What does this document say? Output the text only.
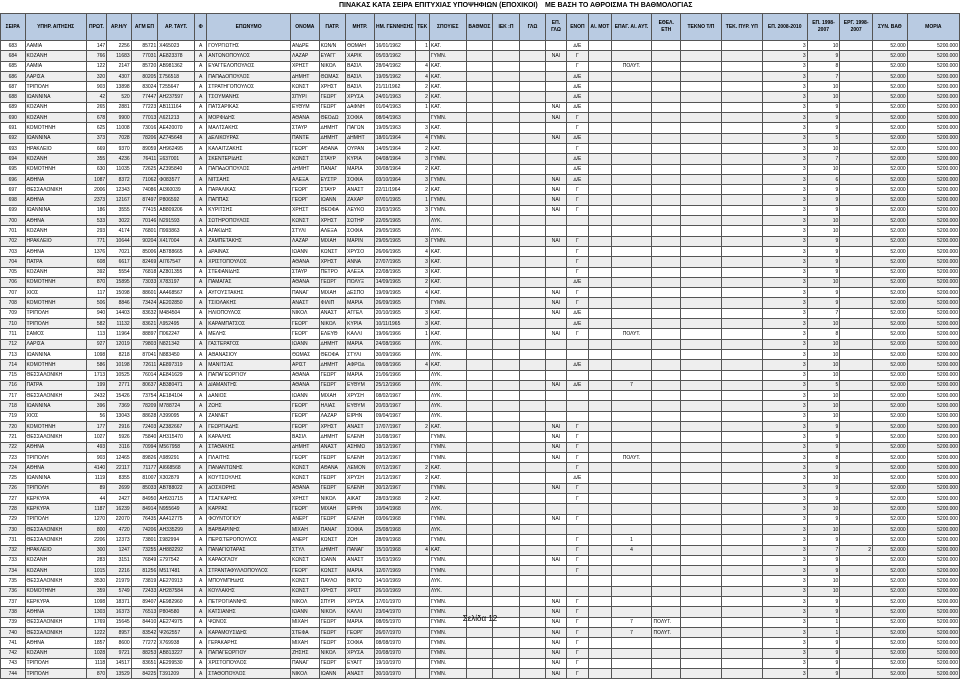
ΠΙΝΑΚΑΣ ΚΑΤΑ ΣΕΙΡΑ ΕΠΙΤΥΧΙΑΣ ΥΠΟΨΗΦΙΩΝ (ΕΠΟΧΙΚΟΙ) ΜΕ ΒΑΣΗ ΤΟ ΑΘΡΟΙΣΜΑ ΤΗ ΒΑΘΜΟΛΟΓΙΑΣ
ΣΕΙΡΑ	ΥΠΗΡ. ΑΙΤΗΣΗΣ	ΠΡΩΤ.	ΑΡ.Η/Υ	ΑΓΜ ΕΠ	ΑΡ. ΤΑΥΤ.	Φ	ΕΠΩΝΥΜΟ	ΟΝΟΜΑ	ΠΑΤΡ.	ΜΗΤΡ.	ΗΜ. ΓΕΝΝΗΣΗΣ	ΤΕΚ	ΣΠΟΥ\ΕΣ	ΒΑΘΜΟΣ	ΙΕΚ :Π	ΓΛΩ	ΕΠ. ΓΛΩ	ΕΝΟΠ	Α\. ΜΟΤ	ΕΠΑΓ. Α\. ΑΥΤ.	ΕΘΕΛ. ΕΤΗ	ΤΕΚΝΟ Τ/Π	ΤΕΚ. ΠΥΡ. ΥΠ	ΕΠ. 2008-2010	ΕΠ. 1998-2007	ΕΡΓ. 1998-2007	ΣΥΝ. ΒΑΘ	ΜΟΡΙΑ
683	ΛΑΜΙΑ	147	2256	85721	Χ465023	Α	ΓΟΥΡΓΙΩΤΗΣ	ΑΝ∆ΡΕ	ΚΩΝ/Ν	ΘΩΜΑΗ	16/01/1962	1	ΚΑΤ.					∆/Ε						3	10		52.000	5200.000
684	ΚΟΖΑΝΗ	766	11683	77031	ΑΕ823378	Α	ΑΝΤΩΝΟΠΟΥΛΟΣ	ΛΑΖΑΡ	ΕΥΑΓΓ	ΧΑΡΙΚ	05/03/1962		ΓΥΜΝ.				ΝΑΙ	Γ						3	9		52.000	5200.000
685	ΛΑΜΙΑ	122	2147	85720	ΑΒ981362	Α	ΕΥΑΓΓΕΛΟΠΟΥΛΟΣ	ΧΡΗΣΤ	ΝΙΚΟΛ	ΒΑΣΙΛ	28/04/1962	4	ΚΑΤ.					Γ		ΠΟΛΥΤ.				3	8		52.000	5200.000
686	ΛΑΡΙΣΑ	320	4307	80205	Σ756518	Α	ΠΑΠΑ∆ΟΠΟΥΛΟΣ	∆ΗΜΗΤ	ΘΩΜΑΣ	ΒΑΣΙΛ	19/05/1962	4	ΚΑΤ.					∆/Ε						3	7		52.000	5200.000
687	ΤΡΙΠΟΛΗ	903	13898	83024	Τ255647	Α	ΣΤΡΑΤΗΓΟΠΟΥΛΟΣ	ΚΩΝΣΤ	ΧΡΗΣΤ	ΒΑΣΙΛ	21/11/1962	2	ΚΑΤ.					∆/Ε						3	10		52.000	5200.000
688	ΙΩΑΝΝΙΝΑ	42	520	77447	ΑΗ237597	Α	ΤΣΟΥΜΑΝΗΣ	ΣΠΥΡΙ	ΓΕΩΡΓ	ΧΡΥΣΑ	24/01/1963	2	ΚΑΤ.					∆/Ε						3	10		52.000	5200.000
689	ΚΟΖΑΝΗ	265	2881	77223	ΑΒ111164	Α	ΠΑΤΣΑΡΙΚΑΣ	ΕΥΘΥΜ	ΓΕΩΡΓ	∆ΑΦΝΗ	01/04/1963	1	ΚΑΤ.				ΝΑΙ	∆/Ε						3	9		52.000	5200.000
690	ΚΟΖΑΝΗ	678	9900	77013	Λ621213	Α	ΜΟΡΦΙ∆ΗΣ	ΑΘΑΝΑ	ΘΕΟ∆Ω	ΣΟΦΙΑ	08/04/1963		ΓΥΜΝ.				ΝΑΙ	Γ						3	9		52.000	5200.000
691	ΚΟΜΟΤΗΝΗ	625	11008	73016	ΑΕ420070	Α	ΜΑΛΤΣΑΚΗΣ	ΣΤΑΥΡ	∆ΗΜΗΤ	ΠΑΓΩΝ	19/05/1963	3	ΚΑΤ.					Γ						3	9		52.000	5200.000
692	ΙΩΑΝΝΙΝΑ	373	7028	78206	ΑΖ745648	Α	∆ΕΛΙΚΟΥΡΑΣ	ΠΑΝΤΕ	∆ΗΜΗΤ	∆ΗΜΗΤ	18/01/1964	4	ΓΥΜΝ.				ΝΑΙ	∆/Ε						3	5		52.000	5200.000
693	ΗΡΑΚΛΕΙΟ	669	9370	89059	ΑΗ962495	Α	ΚΑΛΑΙΤΖΑΚΗΣ	ΓΕΩΡΓ	ΑΘΑΝΑ	ΟΥΡΑΝ	14/05/1964	2	ΚΑΤ.					Γ						3	10		52.000	5200.000
694	ΚΟΖΑΝΗ	355	4236	76411	Ξ637001	Α	ΣΚΕΝΤΕΡΙ∆ΗΣ	ΚΩΝΣΤ	ΣΤΑΥΡ	ΚΥΡΙΑ	04/08/1964	3	ΓΥΜΝ.					∆/Ε						3	7		52.000	5200.000
695	ΚΟΜΟΤΗΝΗ	630	11035	72625	ΑΖ395840	Α	ΠΑΠΑ∆ΟΠΟΥΛΟΣ	∆ΗΜΗΤ	ΠΑΝΑΓ	ΜΑΡΙΑ	30/08/1964	2	ΚΑΤ.					∆/Ε						3	10		52.000	5200.000
696	ΑΘΗΝΑ	1087	8372	71062	Φ083577	Α	ΝΙΤΣΑΗΣ	ΑΛΕΞΑ	ΕΥΣΤΡ	ΣΟΦΙΑ	03/10/1964	3	ΓΥΜΝ.				ΝΑΙ	∆/Ε						3	6		52.000	5200.000
697	ΘΕΣΣΑΛΟΝΙΚΗ	2006	12343	74086	ΑΙ360039	Α	ΠΑΡΑΛΙΚΑΣ	ΓΕΩΡΓ	ΣΤΑΥΡ	ΑΝΑΣΤ	22/11/1964	2	ΚΑΤ.				ΝΑΙ	Γ						3	9		52.000	5200.000
698	ΑΘΗΝΑ	2373	12167	87497	Ρ806592	Α	ΠΑΠΠΑΣ	ΓΕΩΡΓ	ΙΩΑΝΝ	ΖΑΧΑΡ	07/01/1965	1	ΓΥΜΝ.				ΝΑΙ	Γ						3	9		52.000	5200.000
699	ΙΩΑΝΝΙΝΑ	186	3555	77415	ΑΒ809206	Α	ΚΥΡΙΤΣΗΣ	ΧΡΗΣΤ	ΘΕΟΦΑ	ΛΕΥΚΟ	23/03/1965	3	ΓΥΜΝ.				ΝΑΙ	Γ						3	9		52.000	5200.000
700	ΑΘΗΝΑ	533	3022	70146	Ν291593	Α	ΣΩΤΗΡΟΠΟΥΛΟΣ	ΚΩΝΣΤ	ΧΡΗΣΤ	ΣΩΤΗΡ	22/05/1965		ΛΥΚ.											3	10		52.000	5200.000
701	ΚΟΖΑΝΗ	293	4174	76801	Π993863	Α	ΑΓΑΚΙ∆ΗΣ	ΣΤΥΛΙ	ΑΛΕΞΑ	ΣΟΦΙΑ	29/05/1965		ΛΥΚ.											3	10		52.000	5200.000
702	ΗΡΑΚΛΕΙΟ	771	10644	90204	Χ417004	Α	ΖΑΜΠΕΤΑΚΗΣ	ΛΑΖΑΡ	ΜΙΧΑΗ	ΜΑΡΙΝ	29/05/1965	3	ΓΥΜΝ.				ΝΑΙ	Γ						3	9		52.000	5200.000
703	ΑΘΗΝΑ	1376	7021	85006	ΑΒ788665	Α	∆ΡΑΙΝΑΣ	ΙΩΑΝΝ	ΚΩΝΣΤ	ΧΡΥΣΟ	26/06/1965	4	ΚΑΤ.					Γ						3	9		52.000	5200.000
704	ΠΑΤΡΑ	608	6617	82469	ΑΙ767547	Α	ΧΡΙΣΤΟΠΟΥΛΟΣ	ΑΘΑΝΑ	ΧΡΗΣΤ	ΑΝΝΑ	27/07/1965	3	ΚΑΤ.					Γ						3	9		52.000	5200.000
705	ΚΟΖΑΝΗ	392	5554	76818	ΑΖ801355	Α	ΣΤΕΦΑΝΙ∆ΗΣ	ΣΤΑΥΡ	ΠΕΤΡΟ	ΑΛΕΞΑ	22/08/1965	3	ΚΑΤ.					Γ						3	9		52.000	5200.000
706	ΚΟΜΟΤΗΝΗ	870	15895	73033	Χ783197	Α	ΠΑΜΑΓΑΣ	ΑΘΑΝΑ	ΓΕΩΡΓ	ΠΟΛΥΞ	14/09/1965	2	ΚΑΤ.					∆/Ε						3	10		52.000	5200.000
707	ΧΙΟΣ	117	15098	88601	ΑΑ468567	Α	ΑΥΓΟΥΣΤΑΚΗΣ	ΠΑΝΑΓ	ΜΙΧΑΗ	∆ΕΣΠΟ	19/09/1965	4	ΚΑΤ.				ΝΑΙ	Γ						3	9		52.000	5200.000
708	ΚΟΜΟΤΗΝΗ	506	8846	73424	ΑΕ202850	Α	ΤΣΙΟΛΑΚΗΣ	ΑΝΑΣΤ	ΦΙΛΙΠ	ΜΑΡΙΑ	26/09/1965		ΓΥΜΝ.				ΝΑΙ	Γ						3	9		52.000	5200.000
709	ΤΡΙΠΟΛΗ	940	14403	83632	Μ484504	Α	ΗΛΙΟΠΟΥΛΟΣ	ΝΙΚΟΛ	ΑΝΑΣΤ	ΑΓΓΕΛ	20/10/1965	3	ΚΑΤ.				ΝΑΙ	∆/Ε						3	7		52.000	5200.000
710	ΤΡΙΠΟΛΗ	582	11132	83621	Λ952495	Α	ΚΑΡΑΜΠΑΤΣΟΣ	ΓΕΩΡΓ	ΝΙΚΟΛ	ΚΥΡΙΑ	10/11/1965	3	ΚΑΤ.					∆/Ε						3	10		52.000	5200.000
711	ΣΑΜΟΣ	113	11964	88897	Π062247	Α	ΜΕΛΗΣ	ΓΕΩΡΓ	ΕΛΕΥΘ	ΚΑΛΛΙ	19/06/1966	1	ΚΑΤ.				ΝΑΙ	Γ		ΠΟΛΥΤ.				3	8		52.000	5200.000
712	ΛΑΡΙΣΑ	927	12019	79803	Ν821342	Α	ΓΑΣΤΕΡΑΤΟΣ	ΙΩΑΝΝ	∆ΗΜΗΤ	ΜΑΡΙΑ	24/08/1966		ΛΥΚ.											3	10		52.000	5200.000
713	ΙΩΑΝΝΙΝΑ	1098	8218	87041	Ν883450	Α	ΑΘΑΝΑΣΙΟΥ	ΘΩΜΑΣ	ΘΕΟΦΑ	ΣΤΥΛΙ	30/09/1966		ΛΥΚ.											3	10		52.000	5200.000
714	ΚΟΜΟΤΗΝΗ	586	10198	72611	ΑΕ897319	Α	ΜΑΝΙΤΣΑΣ	ΑΡΙΣΤ	∆ΗΜΗΤ	ΑΦΡΟ∆	09/08/1966	4	ΚΑΤ.					∆/Ε						3	10		52.000	5200.000
715	ΘΕΣΣΑΛΟΝΙΚΗ	1713	10525	76014	ΑΕ841629	Α	ΠΑΠΑΓΕΩΡΓΙΟΥ	ΑΘΑΝΑ	ΓΕΩΡΓ	ΜΑΡΙΑ	21/06/1966		ΛΥΚ.											3	10		52.000	5200.000
716	ΠΑΤΡΑ	199	2771	80637	ΑΒ380471	Α	∆ΙΑΜΑΝΤΗΣ	ΑΘΑΝΑ	ΓΕΩΡΓ	ΕΥΘΥΜ	25/12/1966		ΛΥΚ.				ΝΑΙ	∆/Ε		7				3	5		52.000	5200.000
717	ΘΕΣΣΑΛΟΝΙΚΗ	2432	15426	73754	ΑΕ184104	Α	∆ΑΝΙΟΣ	ΙΩΑΝΝ	ΜΙΧΑΗ	ΧΡΥΣΗ	08/02/1967		ΛΥΚ.											3	10		52.000	5200.000
718	ΙΩΑΝΝΙΝΑ	396	7369	78209	Μ788724	Α	ΖΩΗΣ	ΓΕΩΡΓ	ΗΛΙΑΣ	ΕΥΘΥΜ	20/03/1967		ΛΥΚ.											3	10		52.000	5200.000
719	ΧΙΟΣ	56	13043	88628	Λ399095	Α	ΖΑΝΝΕΤ	ΓΕΩΡΓ	ΛΑΖΑΡ	ΕΙΡΗΝ	09/04/1967		ΛΥΚ.											3	10		52.000	5200.000
720	ΚΟΜΟΤΗΝΗ	177	2916	72403	ΑΖ382667	Α	ΓΕΩΡΓΙΑ∆ΗΣ	ΓΕΩΡΓ	ΧΡΗΣΤ	ΑΝΑΣΤ	17/07/1967	2	ΚΑΤ.				ΝΑΙ	Γ						3	9		52.000	5200.000
721	ΘΕΣΣΑΛΟΝΙΚΗ	1027	5926	75840	ΑΗ315470	Α	ΚΑΡΑΛΗΣ	ΒΑΣΙΛ	∆ΗΜΗΤ	ΕΛΕΝΗ	31/08/1967		ΓΥΜΝ.				ΝΑΙ	Γ						3	9		52.000	5200.000
722	ΑΘΗΝΑ	493	3116	70994	Μ567958	Α	ΣΤΑΘΑΚΗΣ	∆ΗΜΗΤ	ΑΝΑΣΤ	ΑΣΗΜΩ	18/12/1967		ΓΥΜΝ.				ΝΑΙ	Γ						3	9		52.000	5200.000
723	ΤΡΙΠΟΛΗ	903	12465	89826	Λ989291	Α	ΠΛΑΙΤΗΣ	ΓΕΩΡΓ	ΓΕΩΡΓ	ΕΛΕΝΗ	20/12/1967		ΓΥΜΝ.				ΝΑΙ	Γ		ΠΟΛΥΤ.				3	8		52.000	5200.000
724	ΑΘΗΝΑ	4140	22117	71177	ΑΙ668568	Α	ΠΑΝΑΝΤΩΝΗΣ	ΚΩΝΣΤ	ΑΘΑΝΑ	ΛΕΜΟΝ	07/12/1967	2	ΚΑΤ.					Γ						3	9		52.000	5200.000
725	ΙΩΑΝΝΙΝΑ	1119	8355	81007	Χ302879	Α	ΚΟΥΤΣΟΥΛΗΣ	ΚΩΝΣΤ	ΓΕΩΡΓ	ΧΡΥΣΗ	21/12/1967	2	ΚΑΤ.					∆/Ε						3	10		52.000	5200.000
726	ΤΡΙΠΟΛΗ	89	2699	85033	ΑΒ788022	Α	∆ΟΣΧΟΡΗΣ	ΑΘΑΝΑ	ΓΕΩΡΓ	ΕΛΕΝΗ	30/12/1967		ΓΥΜΝ.				ΝΑΙ	Γ						3	9		52.000	5200.000
727	ΚΕΡΚΥΡΑ	44	2427	84950	ΑΗ931715	Α	ΤΣΑΓΚΑΡΗΣ	ΧΡΗΣΤ	ΝΙΚΟΛ	ΑΙΚΑΤ	28/03/1968	2	ΚΑΤ.					Γ						3	9		52.000	5200.000
728	ΚΕΡΚΥΡΑ	1187	16239	84914	Ν955649	Α	ΚΑΡΡΑΣ	ΓΕΩΡΓ	ΜΙΧΑΗ	ΕΙΡΗΝ	10/04/1968		ΛΥΚ.											3	10		52.000	5200.000
729	ΤΡΙΠΟΛΗ	1270	22070	76435	ΑΑ412775	Α	ΦΟΥΝΤΟΓΙΟΥ	ΑΝΕΡΓ	ΓΕΩΡΓ	ΕΛΕΝΗ	03/06/1968		ΓΥΜΝ.				ΝΑΙ	Γ						3	9		52.000	5200.000
730	ΘΕΣΣΑΛΟΝΙΚΗ	800	4720	74206	ΑΗ335299	Α	ΒΑΡΒΑΡΙΝΗΣ	ΜΙΧΑΗ	ΠΑΝΑΓ	ΣΟΦΙΑ	25/08/1968		ΛΥΚ.											3	10		52.000	5200.000
731	ΘΕΣΣΑΛΟΝΙΚΗ	2206	12373	73801	Σ982994	Α	ΠΕΡΙΣΤΕΡΟΠΟΥΛΟΣ	ΑΝΕΡΓ	ΚΩΝΣΤ	ΖΩΗ	28/09/1968		ΓΥΜΝ.					Γ		1				3	9		52.000	5200.000
732	ΗΡΑΚΛΕΙΟ	300	1247	73255	ΑΗ882292	Α	ΠΑΝΑΓΙΩΤΑΡΑΣ	ΣΤΥΛ	∆ΗΜΗΤ	ΠΑΝΑΓ	15/10/1968	4	ΚΑΤ.					Γ		4				3	7	2	52.000	5200.000
733	ΚΟΖΑΝΗ	283	3151	76849	Ξ797542	Α	ΚΑΡΑΟΓΛΟΥ	ΚΩΝΣΤ	ΙΩΑΝΝ	ΑΝΑΣΤ	15/03/1969		ΓΥΜΝ.				ΝΑΙ	Γ						3	9		52.000	5200.000
734	ΚΟΖΑΝΗ	1015	2216	81256	Μ517481	Α	ΣΤΡΑΝΤΑΦΥΛΛΟΠΟΥΛΟΣ	ΓΕΩΡΓ	ΚΩΝΣΤ	ΜΑΡΙΑ	12/07/1969		ΓΥΜΝ.					Γ						3	9		52.000	5200.000
735	ΘΕΣΣΑΛΟΝΙΚΗ	3530	21979	73819	ΑΕ270913	Α	ΜΠΟΥΜΠΗ∆ΗΣ	ΚΩΝΣΤ	ΠΑΥΛΟ	ΒΙΚΤΩ	14/10/1969		ΛΥΚ.											3	10		52.000	5200.000
736	ΚΟΜΟΤΗΝΗ	359	5749	72433	ΑΗ287584	Α	ΚΟΥΛΑΚΗΣ	ΚΩΝΣΤ	ΧΡΗΣΤ	ΧΡΙΣΤ	26/10/1969		ΛΥΚ.											3	10		52.000	5200.000
737	ΚΕΡΚΥΡΑ	1098	18371	89407	ΑΕ982960	Α	ΠΕΤΡΟΓΙΑΝΝΗΣ	ΝΙΚΟΛ	ΣΠΥΡΙ	ΧΡΥΣΑ	17/01/1970		ΓΥΜΝ.				ΝΑΙ	Γ						3	9		52.000	5200.000
738	ΑΘΗΝΑ	1303	16373	76513	Ρ804580	Α	ΚΑΤΣΙΑΝΗΣ	ΙΩΑΝΝ	ΝΙΚΟΛ	ΚΑΛΛΙ	23/04/1970		ΓΥΜΝ.				ΝΑΙ	Γ						3	9		52.000	5200.000
739	ΘΕΣΣΑΛΟΝΙΚΗ	1769	15645	84410	ΑΕ274975	Α	ΨΩΝΟΣ	ΜΙΧΑΗ	ΓΕΩΡΓ	ΜΑΡΙΑ	08/05/1970		ΓΥΜΝ.				ΝΑΙ	Γ		7	ΠΟΛΥΤ.			3	1		52.000	5200.000
740	ΘΕΣΣΑΛΟΝΙΚΗ	1222	8957	83542	Ψ262557	Α	ΚΑΡΑΜΟΥΣΙΔΗΣ	ΣΤΕΦΑ	ΓΕΩΡΓ	ΓΕΩΡΓ	26/07/1970		ΓΥΜΝ.				ΝΑΙ	Γ		7	ΠΟΛΥΤ.			3	1		52.000	5200.000
741	ΑΘΗΝΑ	1857	8600	77272	Χ769938	Α	ΓΕΡΑΚΑΡΗΣ	ΜΙΧΑΗ	ΓΕΩΡΓ	ΣΟΦΙΑ	08/08/1970		ΓΥΜΝ.				ΝΑΙ	Γ						3	9		52.000	5200.000
742	ΚΟΖΑΝΗ	1028	9721	88253	ΑΒ813227	Α	ΠΑΠΑΓΕΩΡΓΙΟΥ	ΖΗΣΗΣ	ΝΙΚΟΛ	ΧΡΥΣΑ	20/08/1970		ΓΥΜΝ.				ΝΑΙ	Γ						3	9		52.000	5200.000
743	ΤΡΙΠΟΛΗ	1118	14517	83651	ΑΕ299530	Α	ΧΡΙΣΤΟΠΟΥΛΟΣ	ΠΑΝΑΓ	ΓΕΩΡΓ	ΕΥΑΓΓ	19/10/1970		ΓΥΜΝ.				ΝΑΙ	Γ						3	9		52.000	5200.000
744	ΤΡΙΠΟΛΗ	870	13529	84225	Τ391209	Α	ΣΤΑΘΟΠΟΥΛΟΣ	ΝΙΚΟΛ	ΙΩΑΝΝ	ΑΝΑΣΤ	30/10/1970		ΓΥΜΝ.				ΝΑΙ	Γ						3	9		52.000	5200.000
Σελίδα 12
